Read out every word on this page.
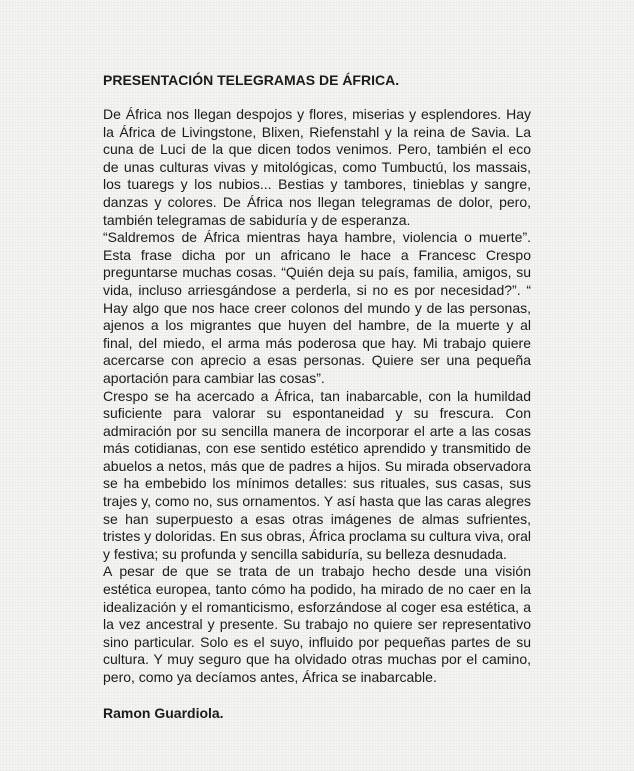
PRESENTACIÓN TELEGRAMAS DE ÁFRICA.

De África nos llegan despojos y flores, miserias y esplendores. Hay la África de Livingstone, Blixen, Riefenstahl y la reina de Savia. La cuna de Luci de la que dicen todos venimos. Pero, también el eco de unas culturas vivas y mitológicas, como Tumbuctú, los massais, los tuaregs y los nubios... Bestias y tambores, tinieblas y sangre, danzas y colores. De África nos llegan telegramas de dolor, pero, también telegramas de sabiduría y de esperanza.

“Saldremos de África mientras haya hambre, violencia o muerte”. Esta frase dicha por un africano le hace a Francesc Crespo preguntarse muchas cosas. “Quién deja su país, familia, amigos, su vida, incluso arriesgándose a perderla, si no es por necesidad?”. “ Hay algo que nos hace creer colonos del mundo y de las personas, ajenos a los migrantes que huyen del hambre, de la muerte y al final, del miedo, el arma más poderosa que hay. Mi trabajo quiere acercarse con aprecio a esas personas. Quiere ser una pequeña aportación para cambiar las cosas”.

Crespo se ha acercado a África, tan inabarcable, con la humildad suficiente para valorar su espontaneidad y su frescura. Con admiración por su sencilla manera de incorporar el arte a las cosas más cotidianas, con ese sentido estético aprendido y transmitido de abuelos a netos, más que de padres a hijos. Su mirada observadora se ha embebido los mínimos detalles: sus rituales, sus casas, sus trajes y, como no, sus ornamentos. Y así hasta que las caras alegres se han superpuesto a esas otras imágenes de almas sufrientes, tristes y doloridas. En sus obras, África proclama su cultura viva, oral y festiva; su profunda y sencilla sabiduría, su belleza desnudada.

A pesar de que se trata de un trabajo hecho desde una visión estética europea, tanto cómo ha podido, ha mirado de no caer en la idealización y el romanticismo, esforzándose al coger esa estética, a la vez ancestral y presente. Su trabajo no quiere ser representativo sino particular. Solo es el suyo, influido por pequeñas partes de su cultura. Y muy seguro que ha olvidado otras muchas por el camino, pero, como ya decíamos antes, África se inabarcable.

Ramon Guardiola.
